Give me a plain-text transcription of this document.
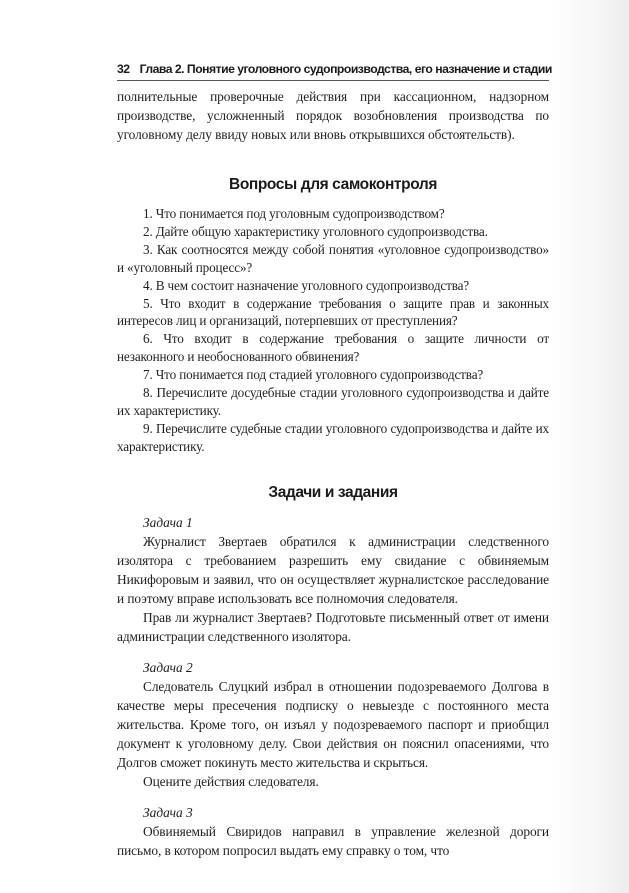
32 Глава 2. Понятие уголовного судопроизводства, его назначение и стадии

полнительные проверочные действия при кассационном, надзорном производстве, усложненный порядок возобновления производства по уголовному делу ввиду новых или вновь открывшихся обстоятельств).

Вопросы для самоконтроля
1. Что понимается под уголовным судопроизводством?
2. Дайте общую характеристику уголовного судопроизводства.
3. Как соотносятся между собой понятия «уголовное судопроизводство» и «уголовный процесс»?
4. В чем состоит назначение уголовного судопроизводства?
5. Что входит в содержание требования о защите прав и законных интересов лиц и организаций, потерпевших от преступления?
6. Что входит в содержание требования о защите личности от незаконного и необоснованного обвинения?
7. Что понимается под стадией уголовного судопроизводства?
8. Перечислите досудебные стадии уголовного судопроизводства и дайте их характеристику.
9. Перечислите судебные стадии уголовного судопроизводства и дайте их характеристику.
Задачи и задания

Задача 1

Журналист Звертаев обратился к администрации следственного изолятора с требованием разрешить ему свидание с обвиняемым Никифоровым и заявил, что он осуществляет журналистское расследование и поэтому вправе использовать все полномочия следователя.

Прав ли журналист Звертаев? Подготовьте письменный ответ от имени администрации следственного изолятора.

Задача 2

Следователь Слуцкий избрал в отношении подозреваемого Долгова в качестве меры пресечения подписку о невыезде с постоянного места жительства. Кроме того, он изъял у подозреваемого паспорт и приобщил документ к уголовному делу. Свои действия он пояснил опасениями, что Долгов сможет покинуть место жительства и скрыться.

Оцените действия следователя.

Задача 3

Обвиняемый Свиридов направил в управление железной дороги письмо, в котором попросил выдать ему справку о том, что
